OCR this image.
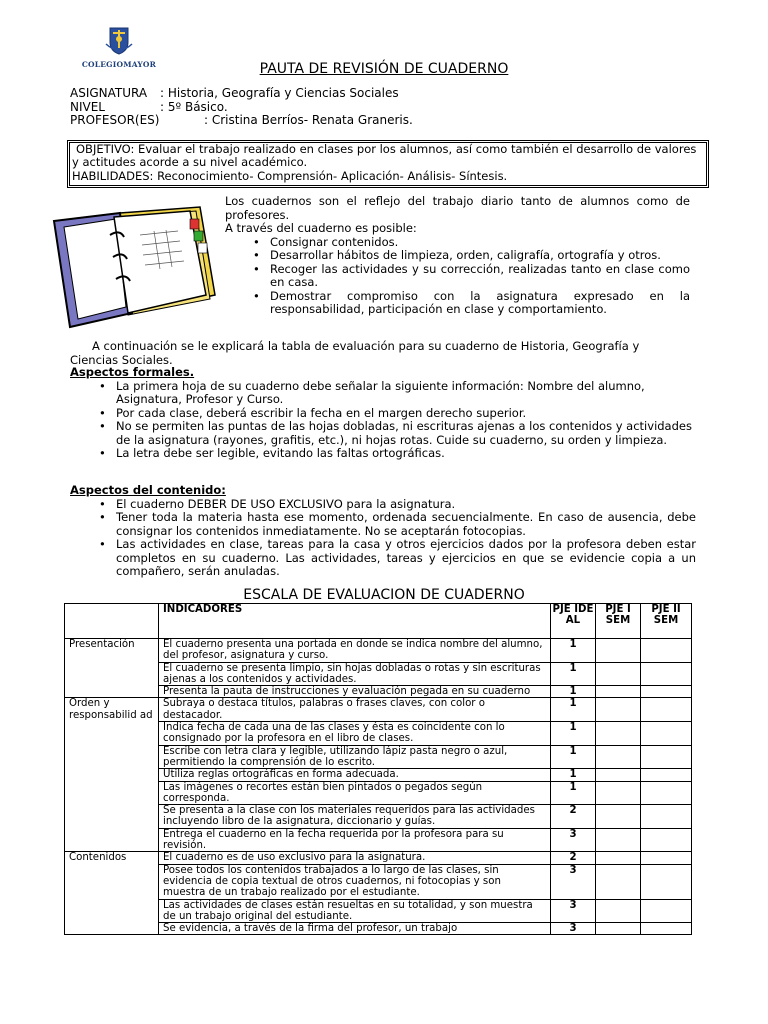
COLEGIOMAYOR	PAUTA DE REVISIÓN DE CUADERNO
ASIGNATURA : Historia, Geografía y Ciencias Sociales
NIVEL	: 5º Básico.
PROFESOR(ES)	: Cristina Berríos- Renata Graneris.
OBJETIVO: Evaluar el trabajo realizado en clases por los alumnos, así como también el desarrollo de valores y actitudes acorde a su nivel académico.
HABILIDADES: Reconocimiento- Comprensión- Aplicación- Análisis- Síntesis.
Los cuadernos son el reflejo del trabajo diario tanto de alumnos como de profesores.
A través del cuaderno es posible:
• Consignar contenidos.
• Desarrollar hábitos de limpieza, orden, caligrafía, ortografía y otros.
• Recoger las actividades y su corrección, realizadas tanto en clase como en casa.
• Demostrar compromiso con la asignatura expresado en la responsabilidad, participación en clase y comportamiento.
A continuación se le explicará la tabla de evaluación para su cuaderno de Historia, Geografía y Ciencias Sociales.
Aspectos formales.
• La primera hoja de su cuaderno debe señalar la siguiente información: Nombre del alumno, Asignatura, Profesor y Curso.
• Por cada clase, deberá escribir la fecha en el margen derecho superior.
• No se permiten las puntas de las hojas dobladas, ni escrituras ajenas a los contenidos y actividades de la asignatura (rayones, grafitis, etc.), ni hojas rotas. Cuide su cuaderno, su orden y limpieza.
• La letra debe ser legible, evitando las faltas ortográficas.
Aspectos del contenido:
• El cuaderno DEBER DE USO EXCLUSIVO para la asignatura.
• Tener toda la materia hasta ese momento, ordenada secuencialmente. En caso de ausencia, debe consignar los contenidos inmediatamente. No se aceptarán fotocopias.
• Las actividades en clase, tareas para la casa y otros ejercicios dados por la profesora deben estar completos en su cuaderno. Las actividades, tareas y ejercicios en que se evidencie copia a un compañero, serán anuladas.
ESCALA DE EVALUACION DE CUADERNO
	INDICADORES	PJE IDE AL	PJE I SEM	PJE II SEM
Presentación	El cuaderno presenta una portada en donde se indica nombre del alumno, del profesor, asignatura y curso.	1		
	El cuaderno se presenta limpio, sin hojas dobladas o rotas y sin escrituras ajenas a los contenidos y actividades.	1		
	Presenta la pauta de instrucciones y evaluación pegada en su cuaderno	1		
Orden y responsabilid ad	Subraya o destaca títulos, palabras o frases claves, con color o destacador.	1		
	Indica fecha de cada una de las clases y ésta es coincidente con lo consignado por la profesora en el libro de clases.	1		
	Escribe con letra clara y legible, utilizando lápiz pasta negro o azul, permitiendo la comprensión de lo escrito.	1		
	Utiliza reglas ortográficas en forma adecuada.	1		
	Las imágenes o recortes están bien pintados o pegados según corresponda.	1		
	Se presenta a la clase con los materiales requeridos para las actividades incluyendo libro de la asignatura, diccionario y guías.	2		
	Entrega el cuaderno en la fecha requerida por la profesora para su revisión.	3		
Contenidos	El cuaderno es de uso exclusivo para la asignatura.	2		
	Posee todos los contenidos trabajados a lo largo de las clases, sin evidencia de copia textual de otros cuadernos, ni fotocopias y son muestra de un trabajo realizado por el estudiante.	3		
	Las actividades de clases están resueltas en su totalidad, y son muestra de un trabajo original del estudiante.	3		
	Se evidencia, a través de la firma del profesor, un trabajo	3		
